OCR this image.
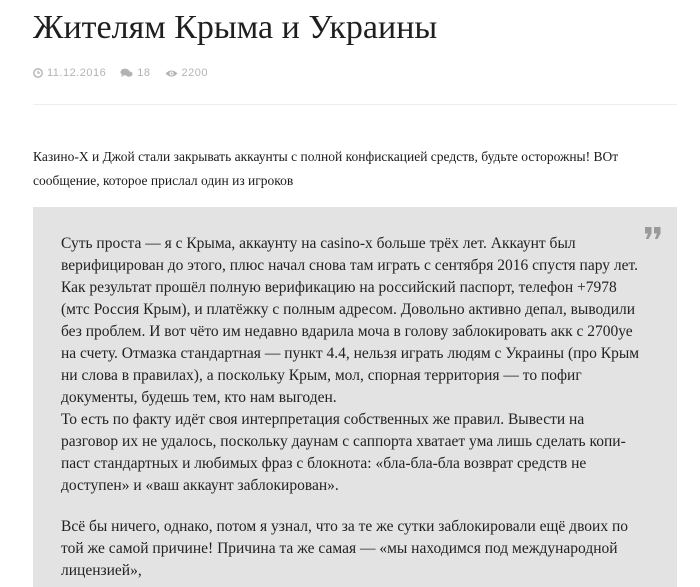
Жителям Крыма и Украины
11.12.2016	18	2200

Казино-Х и Джой стали закрывать аккаунты с полной конфискацией средств, будьте осторожны! ВОт сообщение, которое прислал один из игроков

Суть проста — я с Крыма, аккаунту на casino-x больше трёх лет. Аккаунт был верифицирован до этого, плюс начал снова там играть с сентября 2016 спустя пару лет. Как результат прошёл полную верификацию на российский паспорт, телефон +7978 (мтс Россия Крым), и платёжку с полным адресом. Довольно активно депал, выводили без проблем. И вот чёто им недавно вдарила моча в голову заблокировать акк с 2700уе на счету. Отмазка стандартная — пункт 4.4, нельзя играть людям с Украины (про Крым ни слова в правилах), а поскольку Крым, мол, спорная территория — то пофиг документы, будешь тем, кто нам выгоден.
То есть по факту идёт своя интерпретация собственных же правил. Вывести на разговор их не удалось, поскольку даунам с саппорта хватает ума лишь сделать копи-паст стандартных и любимых фраз с блокнота: «бла-бла-бла возврат средств не доступен» и «ваш аккаунт заблокирован».

Всё бы ничего, однако, потом я узнал, что за те же сутки заблокировали ещё двоих по той же самой причине! Причина та же самая — «мы находимся под международной лицензией»,
